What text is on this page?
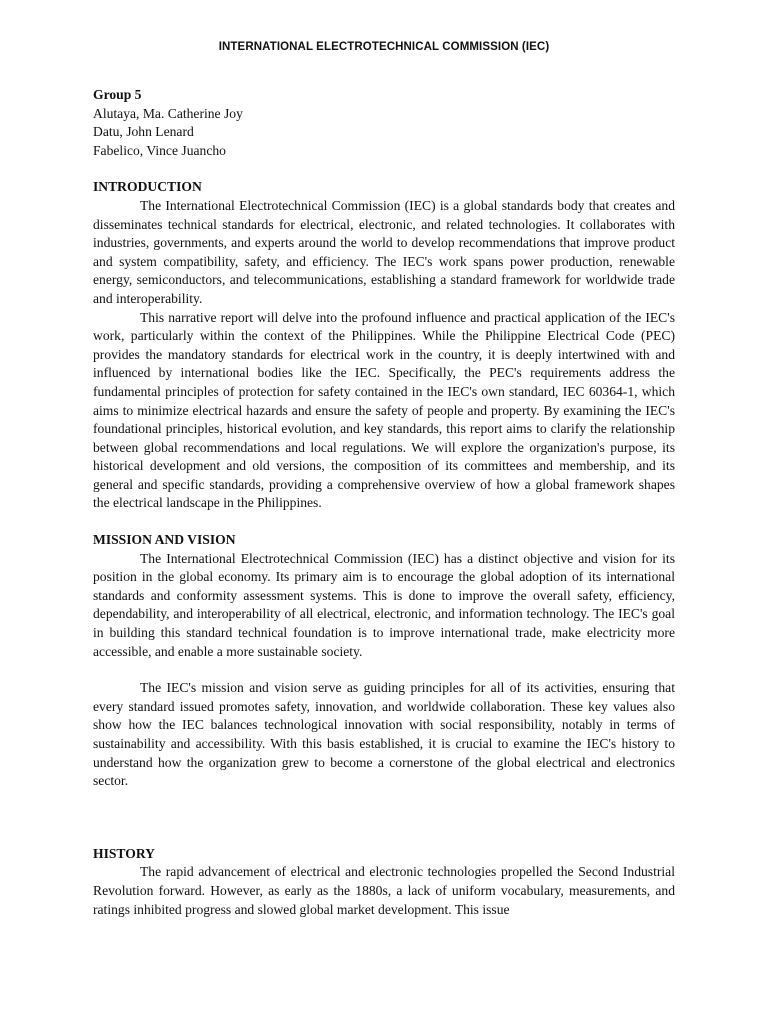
INTERNATIONAL ELECTROTECHNICAL COMMISSION (IEC)
Group 5
Alutaya, Ma. Catherine Joy
Datu, John Lenard
Fabelico, Vince Juancho
INTRODUCTION

The International Electrotechnical Commission (IEC) is a global standards body that creates and disseminates technical standards for electrical, electronic, and related technologies. It collaborates with industries, governments, and experts around the world to develop recommendations that improve product and system compatibility, safety, and efficiency. The IEC's work spans power production, renewable energy, semiconductors, and telecommunications, establishing a standard framework for worldwide trade and interoperability.

This narrative report will delve into the profound influence and practical application of the IEC's work, particularly within the context of the Philippines. While the Philippine Electrical Code (PEC) provides the mandatory standards for electrical work in the country, it is deeply intertwined with and influenced by international bodies like the IEC. Specifically, the PEC's requirements address the fundamental principles of protection for safety contained in the IEC's own standard, IEC 60364-1, which aims to minimize electrical hazards and ensure the safety of people and property. By examining the IEC's foundational principles, historical evolution, and key standards, this report aims to clarify the relationship between global recommendations and local regulations. We will explore the organization's purpose, its historical development and old versions, the composition of its committees and membership, and its general and specific standards, providing a comprehensive overview of how a global framework shapes the electrical landscape in the Philippines.

MISSION AND VISION

The International Electrotechnical Commission (IEC) has a distinct objective and vision for its position in the global economy. Its primary aim is to encourage the global adoption of its international standards and conformity assessment systems. This is done to improve the overall safety, efficiency, dependability, and interoperability of all electrical, electronic, and information technology. The IEC's goal in building this standard technical foundation is to improve international trade, make electricity more accessible, and enable a more sustainable society.

The IEC's mission and vision serve as guiding principles for all of its activities, ensuring that every standard issued promotes safety, innovation, and worldwide collaboration. These key values also show how the IEC balances technological innovation with social responsibility, notably in terms of sustainability and accessibility. With this basis established, it is crucial to examine the IEC's history to understand how the organization grew to become a cornerstone of the global electrical and electronics sector.

HISTORY

The rapid advancement of electrical and electronic technologies propelled the Second Industrial Revolution forward. However, as early as the 1880s, a lack of uniform vocabulary, measurements, and ratings inhibited progress and slowed global market development. This issue
